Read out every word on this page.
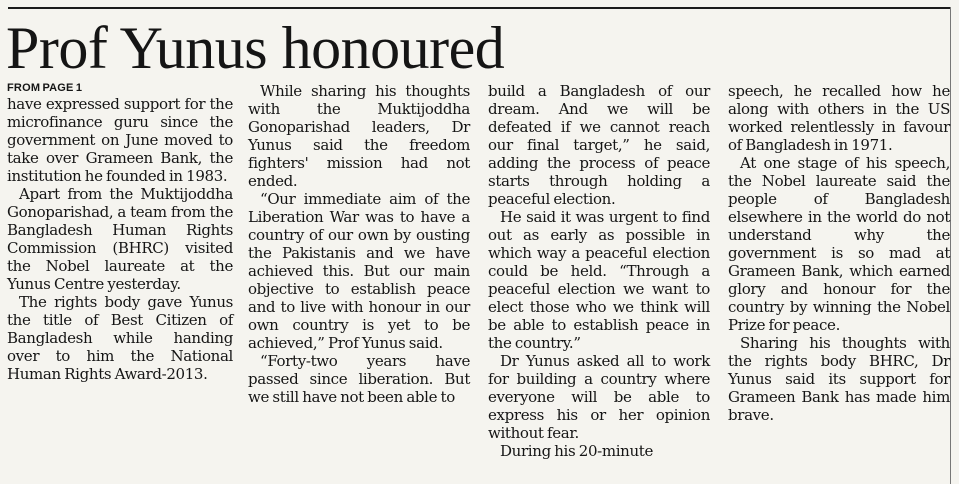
Prof Yunus honoured
FROM PAGE 1

have expressed support for the microfinance guru since the government on June moved to take over Grameen Bank, the institution he founded in 1983.

Apart from the Muktijoddha Gonoparishad, a team from the Bangladesh Human Rights Commission (BHRC) visited the Nobel laureate at the Yunus Centre yesterday.

The rights body gave Yunus the title of Best Citizen of Bangladesh while handing over to him the National Human Rights Award-2013.

While sharing his thoughts with the Muktijoddha Gonoparishad leaders, Dr Yunus said the freedom fighters' mission had not ended.

“Our immediate aim of the Liberation War was to have a country of our own by ousting the Pakistanis and we have achieved this. But our main objective to establish peace and to live with honour in our own country is yet to be achieved,” Prof Yunus said.

“Forty-two years have passed since liberation. But we still have not been able to

build a Bangladesh of our dream. And we will be defeated if we cannot reach our final target,” he said, adding the process of peace starts through holding a peaceful election.

He said it was urgent to find out as early as possible in which way a peaceful election could be held. “Through a peaceful election we want to elect those who we think will be able to establish peace in the country.”

Dr Yunus asked all to work for building a country where everyone will be able to express his or her opinion without fear.

During his 20-minute

speech, he recalled how he along with others in the US worked relentlessly in favour of Bangladesh in 1971.

At one stage of his speech, the Nobel laureate said the people of Bangladesh elsewhere in the world do not understand why the government is so mad at Grameen Bank, which earned glory and honour for the country by winning the Nobel Prize for peace.

Sharing his thoughts with the rights body BHRC, Dr Yunus said its support for Grameen Bank has made him brave.
